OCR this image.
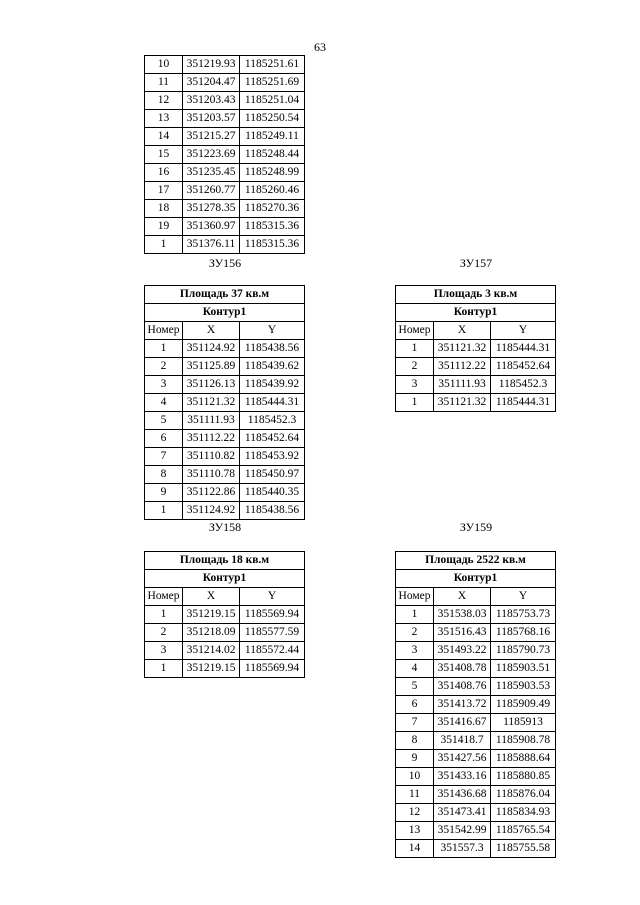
63
10	351219.93	1185251.61
11	351204.47	1185251.69
12	351203.43	1185251.04
13	351203.57	1185250.54
14	351215.27	1185249.11
15	351223.69	1185248.44
16	351235.45	1185248.99
17	351260.77	1185260.46
18	351278.35	1185270.36
19	351360.97	1185315.36
1	351376.11	1185315.36
ЗУ156
Площадь 37 кв.м		
Контур1		
Номер	X	Y
1	351124.92	1185438.56
2	351125.89	1185439.62
3	351126.13	1185439.92
4	351121.32	1185444.31
5	351111.93	1185452.3
6	351112.22	1185452.64
7	351110.82	1185453.92
8	351110.78	1185450.97
9	351122.86	1185440.35
1	351124.92	1185438.56
ЗУ157
Площадь 3 кв.м		
Контур1		
Номер	X	Y
1	351121.32	1185444.31
2	351112.22	1185452.64
3	351111.93	1185452.3
1	351121.32	1185444.31
ЗУ158
Площадь 18 кв.м		
Контур1		
Номер	X	Y
1	351219.15	1185569.94
2	351218.09	1185577.59
3	351214.02	1185572.44
1	351219.15	1185569.94
ЗУ159
Площадь 2522 кв.м		
Контур1		
Номер	X	Y
1	351538.03	1185753.73
2	351516.43	1185768.16
3	351493.22	1185790.73
4	351408.78	1185903.51
5	351408.76	1185903.53
6	351413.72	1185909.49
7	351416.67	1185913
8	351418.7	1185908.78
9	351427.56	1185888.64
10	351433.16	1185880.85
11	351436.68	1185876.04
12	351473.41	1185834.93
13	351542.99	1185765.54
14	351557.3	1185755.58
